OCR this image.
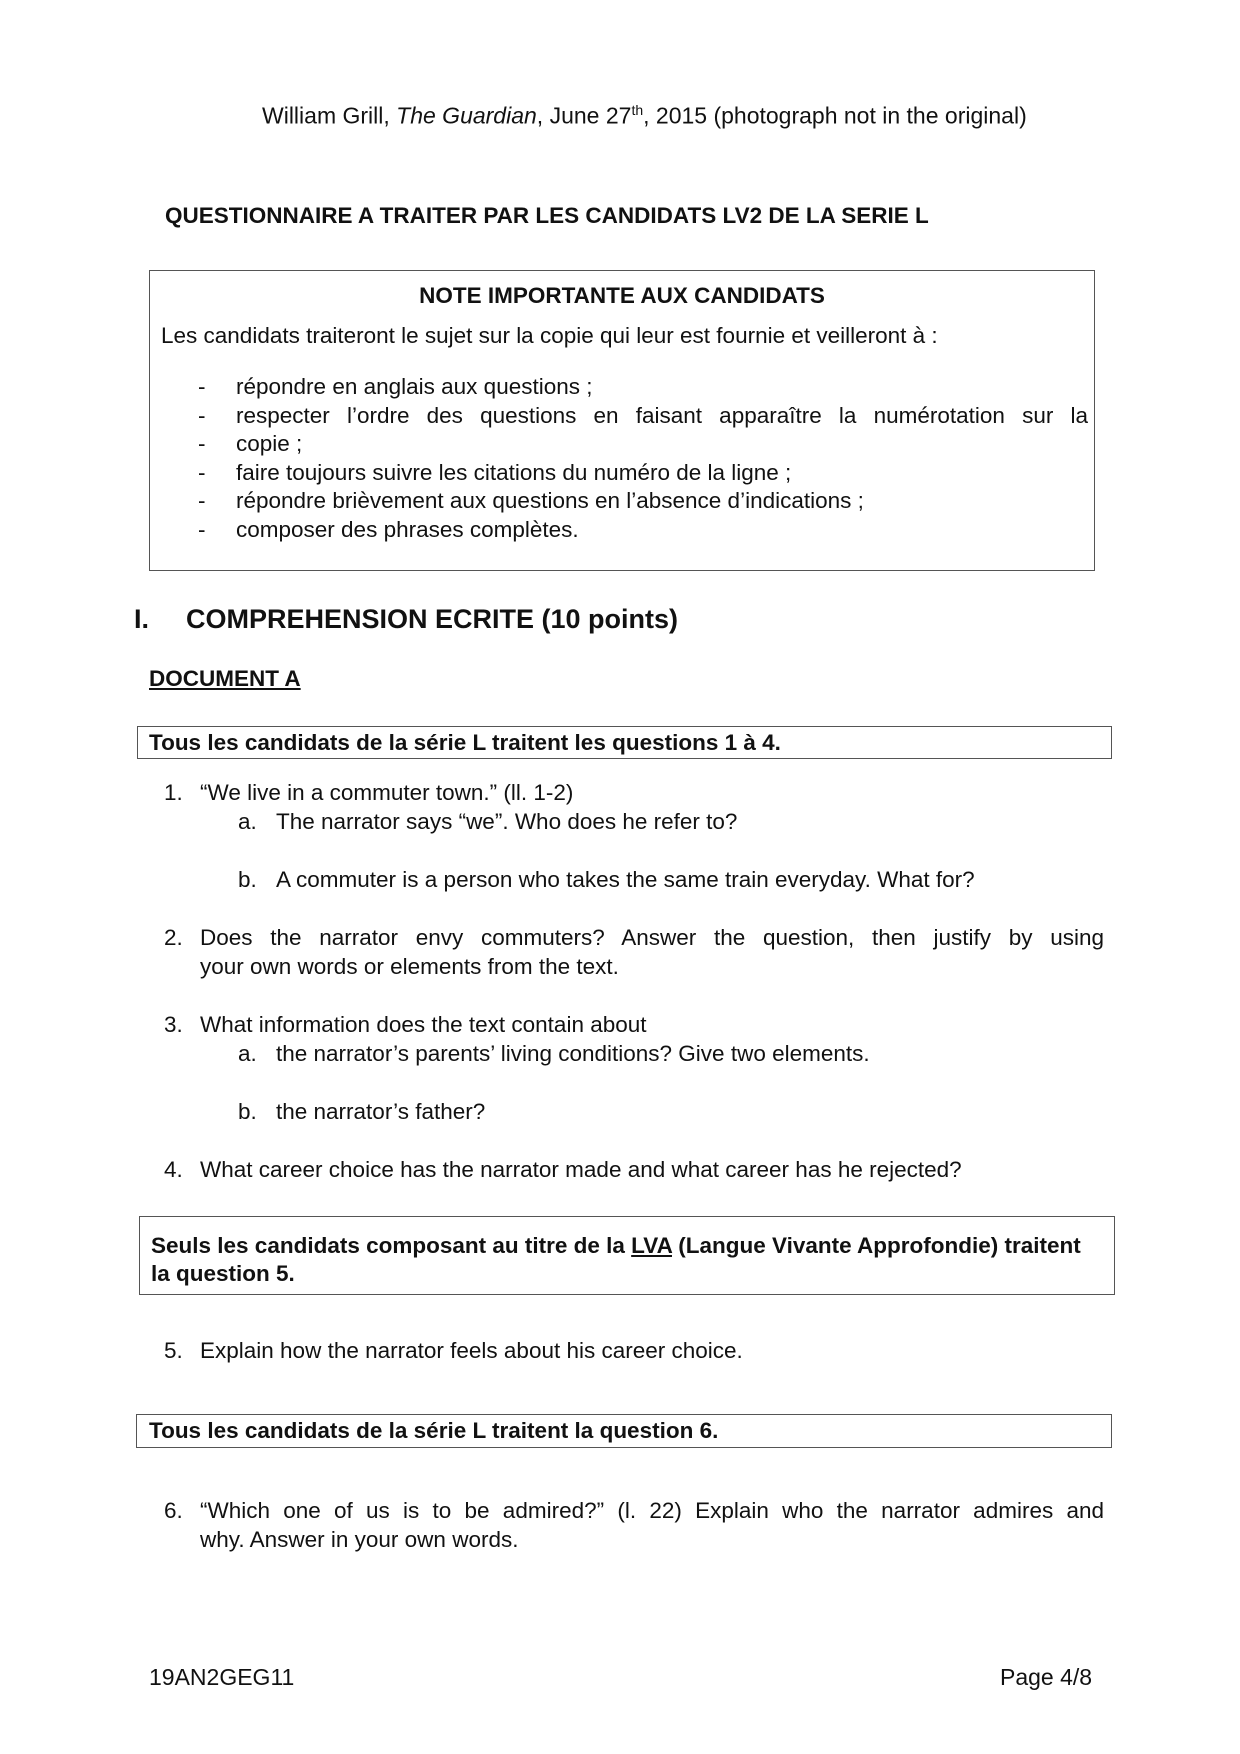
William Grill, The Guardian, June 27th, 2015 (photograph not in the original)
QUESTIONNAIRE A TRAITER PAR LES CANDIDATS LV2 DE LA SERIE L
NOTE IMPORTANTE AUX CANDIDATS
Les candidats traiteront le sujet sur la copie qui leur est fournie et veilleront à :
- répondre en anglais aux questions ;
- respecter l’ordre des questions en faisant apparaître la numérotation sur la
- copie ;

- faire toujours suivre les citations du numéro de la ligne ;
- répondre brièvement aux questions en l’absence d’indications ;
- composer des phrases complètes.
I. COMPREHENSION ECRITE (10 points)
DOCUMENT A
Tous les candidats de la série L traitent les questions 1 à 4.
1. “We live in a commuter town.” (ll. 1-2)
a. The narrator says “we”. Who does he refer to?
b. A commuter is a person who takes the same train everyday. What for?
2. Does the narrator envy commuters? Answer the question, then justify by using
your own words or elements from the text.
3. What information does the text contain about
a. the narrator’s parents’ living conditions? Give two elements.
b. the narrator’s father?
4. What career choice has the narrator made and what career has he rejected?
Seuls les candidats composant au titre de la LVA (Langue Vivante Approfondie) traitent la question 5.
5. Explain how the narrator feels about his career choice.
Tous les candidats de la série L traitent la question 6.
6. “Which one of us is to be admired?” (l. 22) Explain who the narrator admires and
why. Answer in your own words.
19AN2GEG11	Page 4/8
